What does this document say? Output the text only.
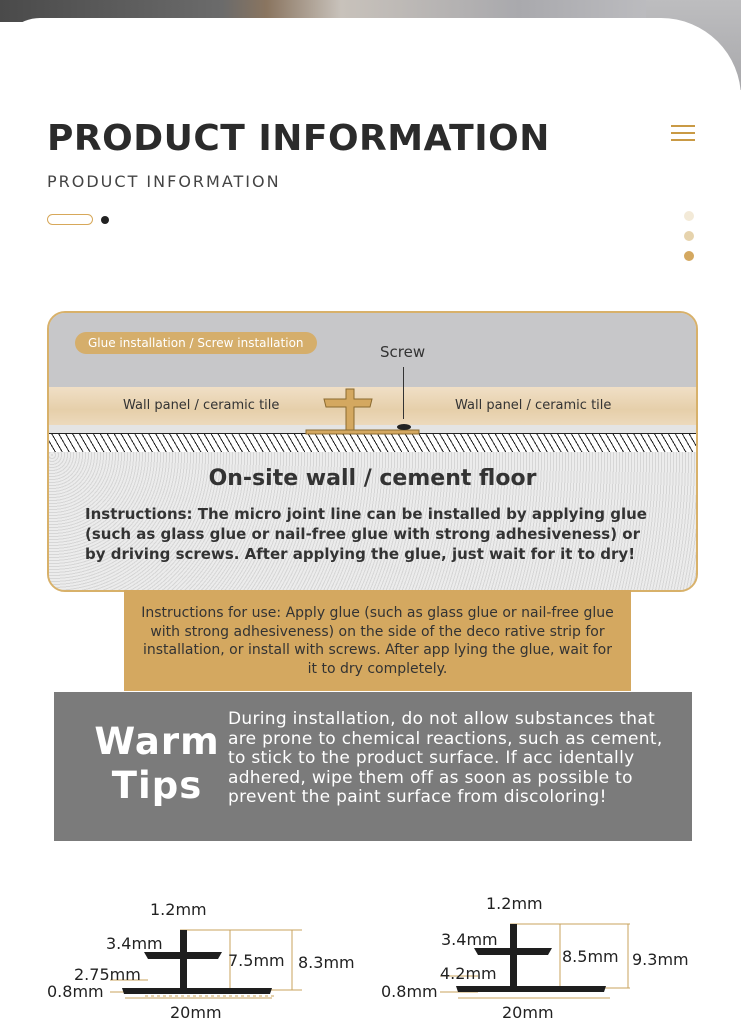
PRODUCT INFORMATION

PRODUCT INFORMATION

Glue installation / Screw installation	Screw
Wall panel / ceramic tile	Wall panel / ceramic tile
On-site wall / cement floor
Instructions: The micro joint line can be installed by applying glue (such as glass glue or nail-free glue with strong adhesiveness) or by driving screws. After applying the glue, just wait for it to dry!
Instructions for use: Apply glue (such as glass glue or nail-free glue with strong adhesiveness) on the side of the deco rative strip for installation, or install with screws. After app lying the glue, wait for it to dry completely.
Warm
Tips
During installation, do not allow substances that are prone to chemical reactions, such as cement, to stick to the product surface. If acc identally adhered, wipe them off as soon as possible to prevent the paint surface from discoloring!
1.2mm
3.4mm
7.5mm 8.3mm
2.75mm
0.8mm
20mm
1.2mm
3.4mm
8.5mm 9.3mm
4.2mm
0.8mm
20mm
